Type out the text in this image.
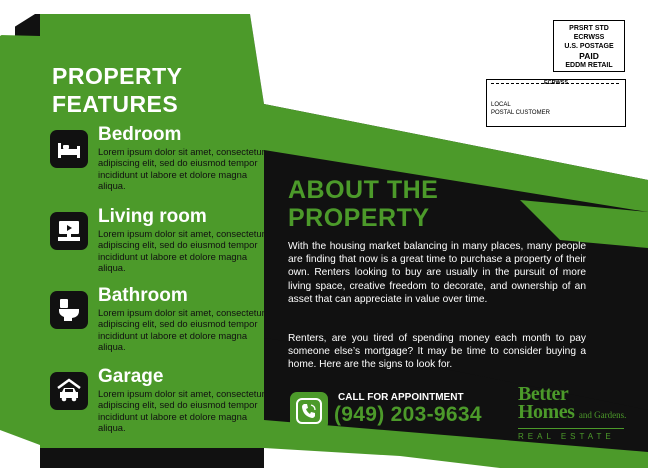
PROPERTY
FEATURES
Bedroom
Lorem ipsum dolor sit amet, consectetur adipiscing elit, sed do eiusmod tempor incididunt ut labore et dolore magna aliqua.
Living room
Lorem ipsum dolor sit amet, consectetur adipiscing elit, sed do eiusmod tempor incididunt ut labore et dolore magna aliqua.
Bathroom
Lorem ipsum dolor sit amet, consectetur adipiscing elit, sed do eiusmod tempor incididunt ut labore et dolore magna aliqua.
Garage
Lorem ipsum dolor sit amet, consectetur adipiscing elit, sed do eiusmod tempor incididunt ut labore et dolore magna aliqua.
ABOUT THE
PROPERTY
With the housing market balancing in many places, many people are finding that now is a great time to purchase a property of their own. Renters looking to buy are usually in the pursuit of more living space, creative freedom to decorate, and ownership of an asset that can appreciate in value over time.
Renters, are you tired of spending money each month to pay someone else’s mortgage? It may be time to consider buying a home. Here are the signs to look for.
CALL FOR APPOINTMENT
(949) 203-9634
Better
Homes and Gardens.
REAL ESTATE
PRSRT STD
ECRWSS
U.S. POSTAGE
PAID
EDDM RETAIL
ECRWSS
LOCAL
POSTAL CUSTOMER
